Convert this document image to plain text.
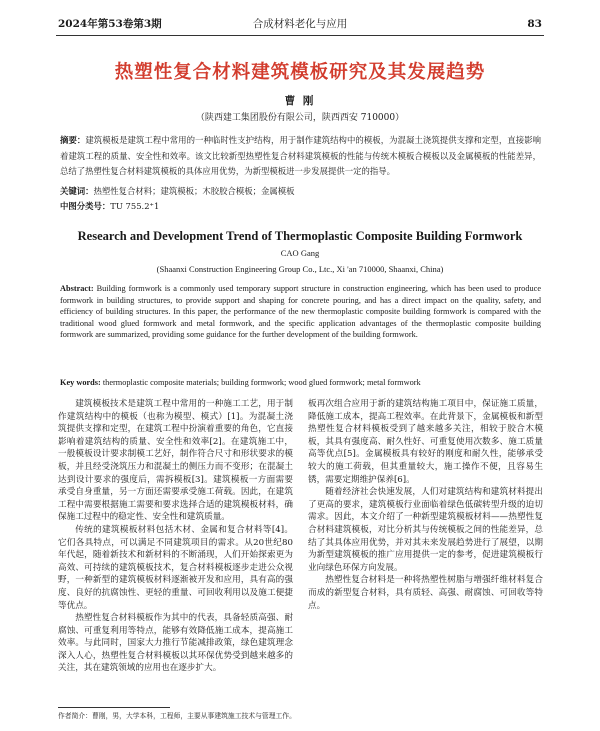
2024年第53卷第3期	合成材料老化与应用	83
热塑性复合材料建筑模板研究及其发展趋势
曹 刚
（陕西建工集团股份有限公司，陕西西安 710000）
摘要：建筑模板是建筑工程中常用的一种临时性支护结构，用于制作建筑结构中的模板，为混凝土浇筑提供支撑和定型，直接影响着建筑工程的质量、安全性和效率。该文比较新型热塑性复合材料建筑模板的性能与传统木模板合模板以及金属模板的性能差异，总结了热塑性复合材料建筑模板的具体应用优势，为新型模板进一步发展提供一定的指导。
关键词：热塑性复合材料；建筑模板；木胶胶合模板；金属模板
中图分类号：TU 755.2⁺1
Research and Development Trend of Thermoplastic Composite Building Formwork
CAO Gang
(Shaanxi Construction Engineering Group Co., Ltc., Xi 'an 710000, Shaanxi, China)
Abstract: Building formwork is a commonly used temporary support structure in construction engineering, which has been used to produce formwork in building structures, to provide support and shaping for concrete pouring, and has a direct impact on the quality, safety, and efficiency of building structures. In this paper, the performance of the new thermoplastic composite building formwork is compared with the traditional wood glued formwork and metal formwork, and the specific application advantages of the thermoplastic composite building formwork are summarized, providing some guidance for the further development of the building formwork.
Key words: thermoplastic composite materials; building formwork; wood glued formwork; metal formwork

建筑模板技术是建筑工程中常用的一种施工工艺，用于制作建筑结构中的模板（也称为模型、模式）[1]。为混凝土浇筑提供支撑和定型，在建筑工程中扮演着重要的角色，它直接影响着建筑结构的质量、安全性和效率[2]。在建筑施工中，一般模板设计要求制模工艺好，制作符合尺寸和形状要求的模板，并且经受浇筑压力和混凝土的侧压力而不变形；在混凝土达到设计要求的强度后，需拆模板[3]。建筑模板一方面需要承受自身重量，另一方面还需要承受施工荷载。因此，在建筑工程中需要根据施工需要和要求选择合适的建筑模板材料，确保施工过程中的稳定性、安全性和建筑质量。

传统的建筑模板材料包括木材、金属和复合材料等[4]。它们各具特点，可以满足不同建筑项目的需求。从20世纪80年代起，随着新技术和新材料的不断涌现，人们开始探索更为高效、可持续的建筑模板技术，复合材料模板逐步走进公众视野，一种新型的建筑模板材料逐渐被开发和应用，具有高的强度、良好的抗腐蚀性、更轻的重量、可回收利用以及施工便捷等优点。

热塑性复合材料模板作为其中的代表，具备轻质高强、耐腐蚀、可重复利用等特点，能够有效降低施工成本，提高施工效率。与此同时，国家大力推行节能减排政策，绿色建筑理念深入人心，热塑性复合材料模板以其环保优势受到越来越多的关注，其在建筑领域的应用也在逐步扩大。

板再次组合应用于新的建筑结构施工项目中，保证施工质量，降低施工成本，提高工程效率。在此背景下，金属模板和新型热塑性复合材料模板受到了越来越多关注，相较于胶合木模板，其具有强度高、耐久性好、可重复使用次数多、施工质量高等优点[5]。金属模板具有较好的刚度和耐久性，能够承受较大的施工荷载，但其重量较大，施工操作不便，且容易生锈，需要定期维护保养[6]。

随着经济社会快速发展，人们对建筑结构和建筑材料提出了更高的要求，建筑模板行业面临着绿色低碳转型升级的迫切需求。因此，本文介绍了一种新型建筑模板材料——热塑性复合材料建筑模板，对比分析其与传统模板之间的性能差异，总结了其具体应用优势，并对其未来发展趋势进行了展望，以期为新型建筑模板的推广应用提供一定的参考，促进建筑模板行业向绿色环保方向发展。

热塑性复合材料是一种将热塑性树脂与增强纤维材料复合而成的新型复合材料，具有质轻、高强、耐腐蚀、可回收等特点。

作者简介：曹刚，男，大学本科，工程师，主要从事建筑施工技术与管理工作。
